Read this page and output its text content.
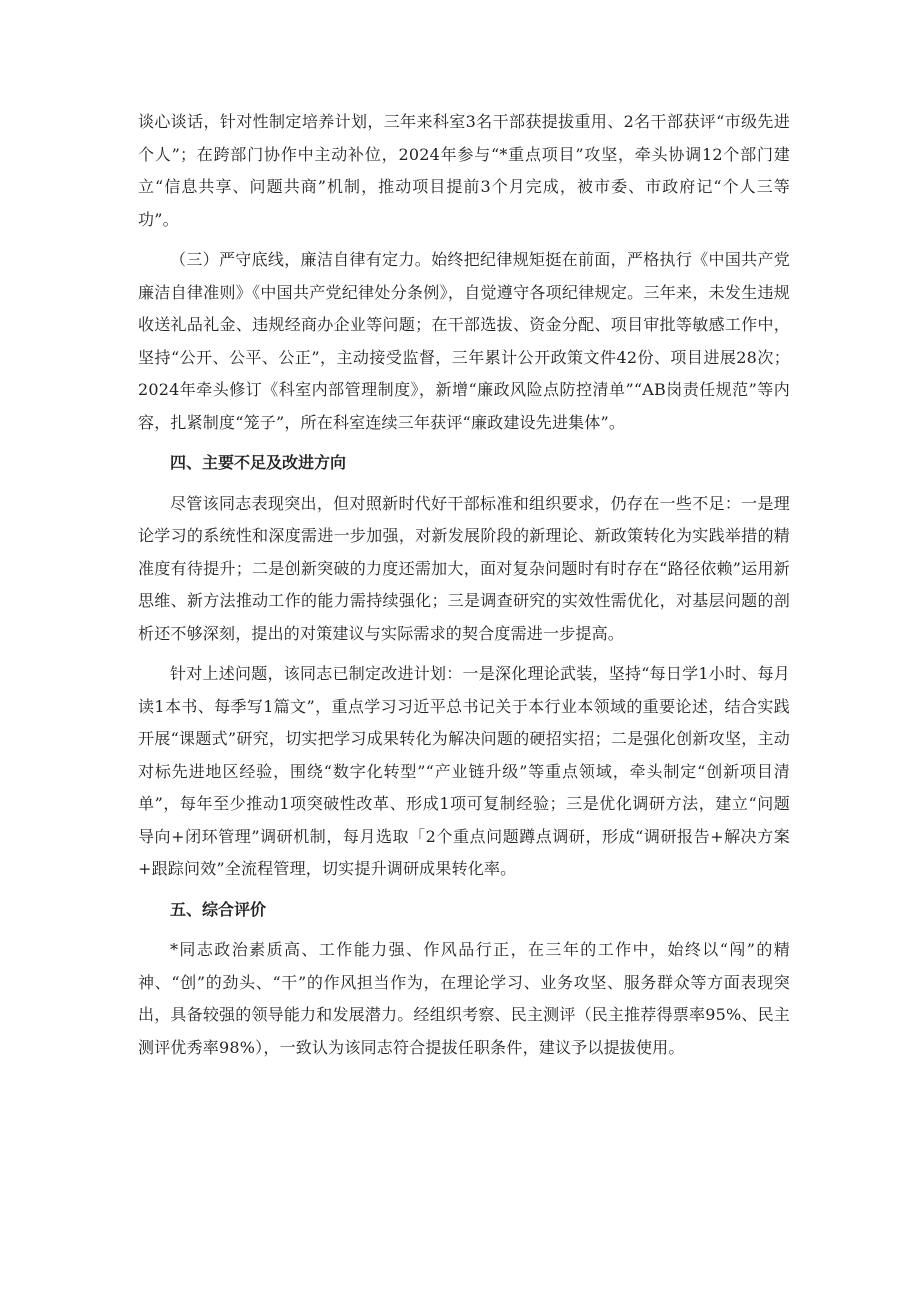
谈心谈话，针对性制定培养计划，三年来科室3名干部获提拔重用、2名干部获评“市级先进个人”；在跨部门协作中主动补位，2024年参与“*重点项目”攻坚，牵头协调12个部门建立“信息共享、问题共商”机制，推动项目提前3个月完成，被市委、市政府记“个人三等功”。

（三）严守底线，廉洁自律有定力。始终把纪律规矩挺在前面，严格执行《中国共产党廉洁自律准则》《中国共产党纪律处分条例》，自觉遵守各项纪律规定。三年来，未发生违规收送礼品礼金、违规经商办企业等问题；在干部选拔、资金分配、项目审批等敏感工作中，坚持“公开、公平、公正”，主动接受监督，三年累计公开政策文件42份、项目进展28次；2024年牵头修订《科室内部管理制度》，新增“廉政风险点防控清单”“AB岗责任规范”等内容，扎紧制度“笼子”，所在科室连续三年获评“廉政建设先进集体”。

四、主要不足及改进方向

尽管该同志表现突出，但对照新时代好干部标准和组织要求，仍存在一些不足：一是理论学习的系统性和深度需进一步加强，对新发展阶段的新理论、新政策转化为实践举措的精准度有待提升；二是创新突破的力度还需加大，面对复杂问题时有时存在“路径依赖”运用新思维、新方法推动工作的能力需持续强化；三是调查研究的实效性需优化，对基层问题的剖析还不够深刻，提出的对策建议与实际需求的契合度需进一步提高。

针对上述问题，该同志已制定改进计划：一是深化理论武装，坚持“每日学1小时、每月读1本书、每季写1篇文”，重点学习习近平总书记关于本行业本领域的重要论述，结合实践开展“课题式”研究，切实把学习成果转化为解决问题的硬招实招；二是强化创新攻坚，主动对标先进地区经验，围绕“数字化转型”“产业链升级”等重点领域，牵头制定“创新项目清单”，每年至少推动1项突破性改革、形成1项可复制经验；三是优化调研方法，建立“问题导向+闭环管理”调研机制，每月选取「2个重点问题蹲点调研，形成“调研报告+解决方案+跟踪问效”全流程管理，切实提升调研成果转化率。

五、综合评价

*同志政治素质高、工作能力强、作风品行正，在三年的工作中，始终以“闯”的精神、“创”的劲头、“干”的作风担当作为，在理论学习、业务攻坚、服务群众等方面表现突出，具备较强的领导能力和发展潜力。经组织考察、民主测评（民主推荐得票率95%、民主测评优秀率98%），一致认为该同志符合提拔任职条件，建议予以提拔使用。
